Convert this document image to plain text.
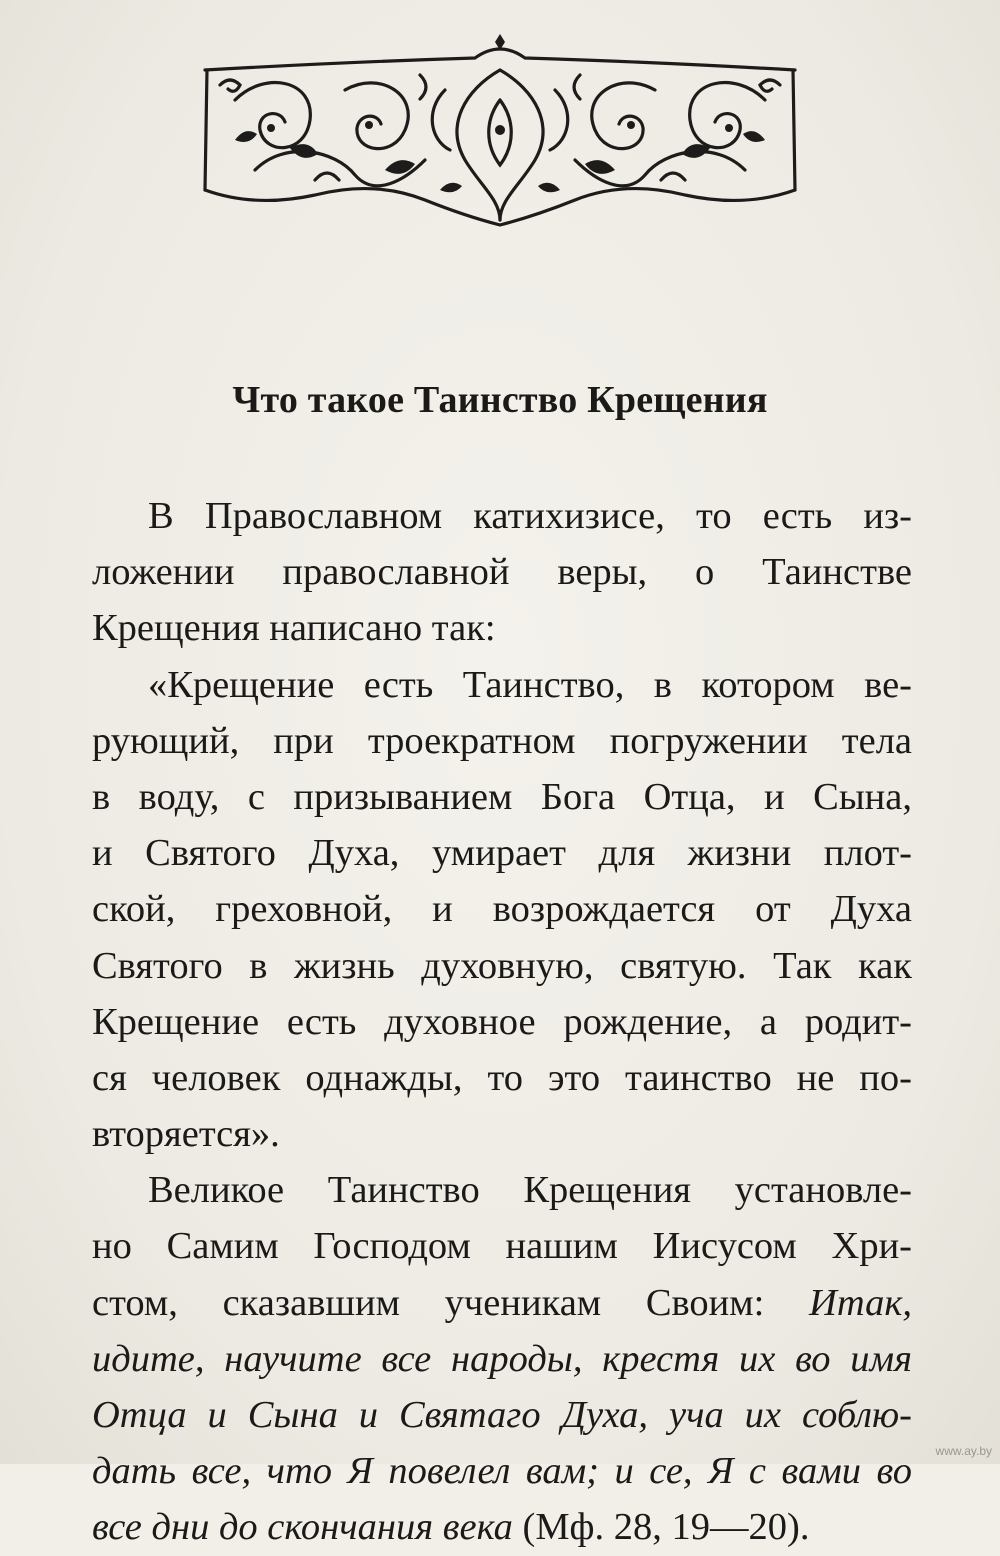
Что такое Таинство Крещения
В Православном катихизисе, то есть из-
ложении православной веры, о Таинстве
Крещения написано так:
«Крещение есть Таинство, в котором ве-
рующий, при троекратном погружении тела
в воду, с призыванием Бога Отца, и Сына,
и Святого Духа, умирает для жизни плот-
ской, греховной, и возрождается от Духа
Святого в жизнь духовную, святую. Так как
Крещение есть духовное рождение, а родит-
ся человек однажды, то это таинство не по-
вторяется».
Великое Таинство Крещения установле-
но Самим Господом нашим Иисусом Хри-
стом, сказавшим ученикам Своим: Итак,
идите, научите все народы, крестя их во имя
Отца и Сына и Святаго Духа, уча их соблю-
дать все, что Я повелел вам; и се, Я с вами во
все дни до скончания века (Мф. 28, 19—20).
www.ay.by
